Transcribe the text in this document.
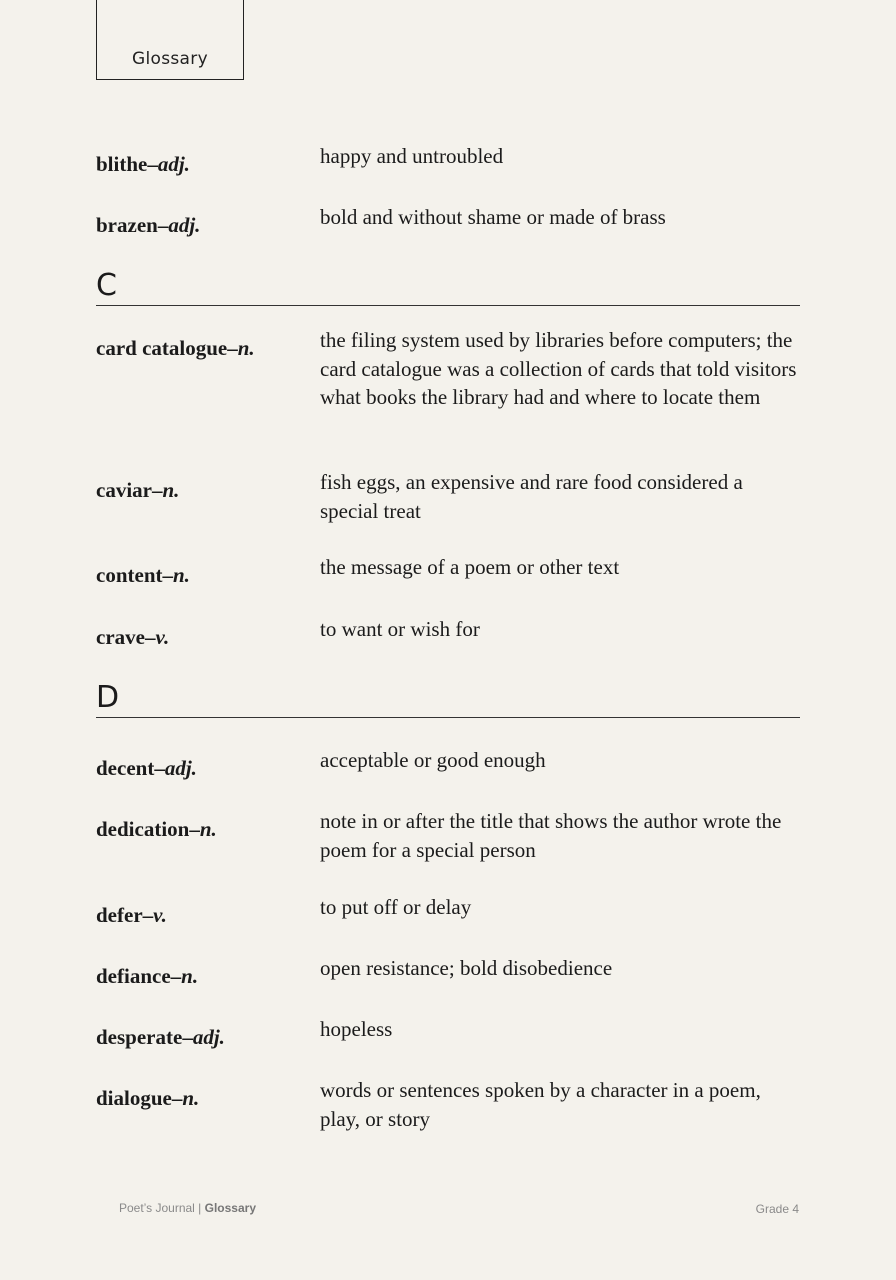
Glossary
blithe–adj.	happy and untroubled
brazen–adj.	bold and without shame or made of brass
C
card catalogue–n.	the filing system used by libraries before computers; the card catalogue was a collection of cards that told visitors what books the library had and where to locate them
caviar–n.	fish eggs, an expensive and rare food considered a special treat
content–n.	the message of a poem or other text
crave–v.	to want or wish for
D
decent–adj.	acceptable or good enough
dedication–n.	note in or after the title that shows the author wrote the poem for a special person
defer–v.	to put off or delay
defiance–n.	open resistance; bold disobedience
desperate–adj.	hopeless
dialogue–n.	words or sentences spoken by a character in a poem, play, or story
Poet’s Journal | Glossary	Grade 4
